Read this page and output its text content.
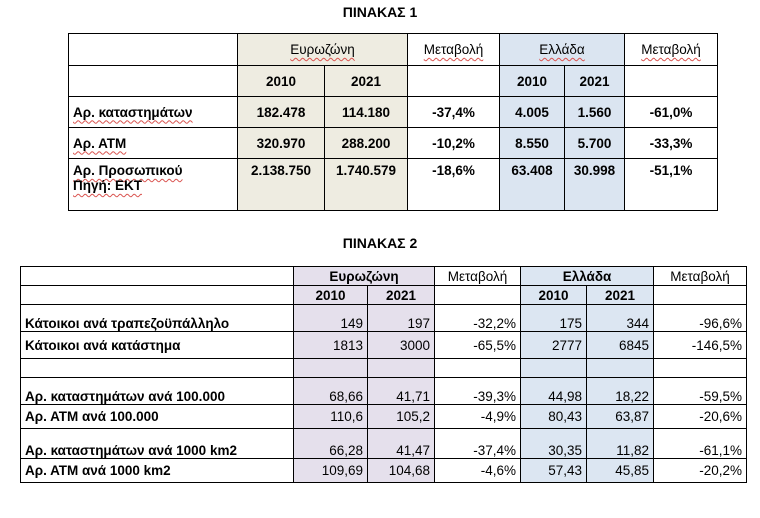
ΠΙΝΑΚΑΣ 1
	Ευρωζώνη		Μεταβολή	Ελλάδα		Μεταβολή
	2010	2021		2010	2021	
Αρ. καταστημάτων	182.478	114.180	-37,4%	4.005	1.560	-61,0%
Αρ. ΑΤΜ	320.970	288.200	-10,2%	8.550	5.700	-33,3%

Αρ. Προσωπικού
Πηγή: ΕΚΤ	2.138.750	1.740.579	-18,6%	63.408	30.998	-51,1%
ΠΙΝΑΚΑΣ 2
	Ευρωζώνη		Μεταβολή	Ελλάδα		Μεταβολή
	2010	2021		2010	2021	
Κάτοικοι ανά τραπεζοϋπάλληλο	149	197	-32,2%	175	344	-96,6%
Κάτοικοι ανά κατάστημα	1813	3000	-65,5%	2777	6845	-146,5%

Αρ. καταστημάτων ανά 100.000	68,66	41,71	-39,3%	44,98	18,22	-59,5%
Αρ. ΑΤΜ ανά 100.000	110,6	105,2	-4,9%	80,43	63,87	-20,6%
Αρ. καταστημάτων ανά 1000 km2	66,28	41,47	-37,4%	30,35	11,82	-61,1%
Αρ. ΑΤΜ ανά 1000 km2	109,69	104,68	-4,6%	57,43	45,85	-20,2%
